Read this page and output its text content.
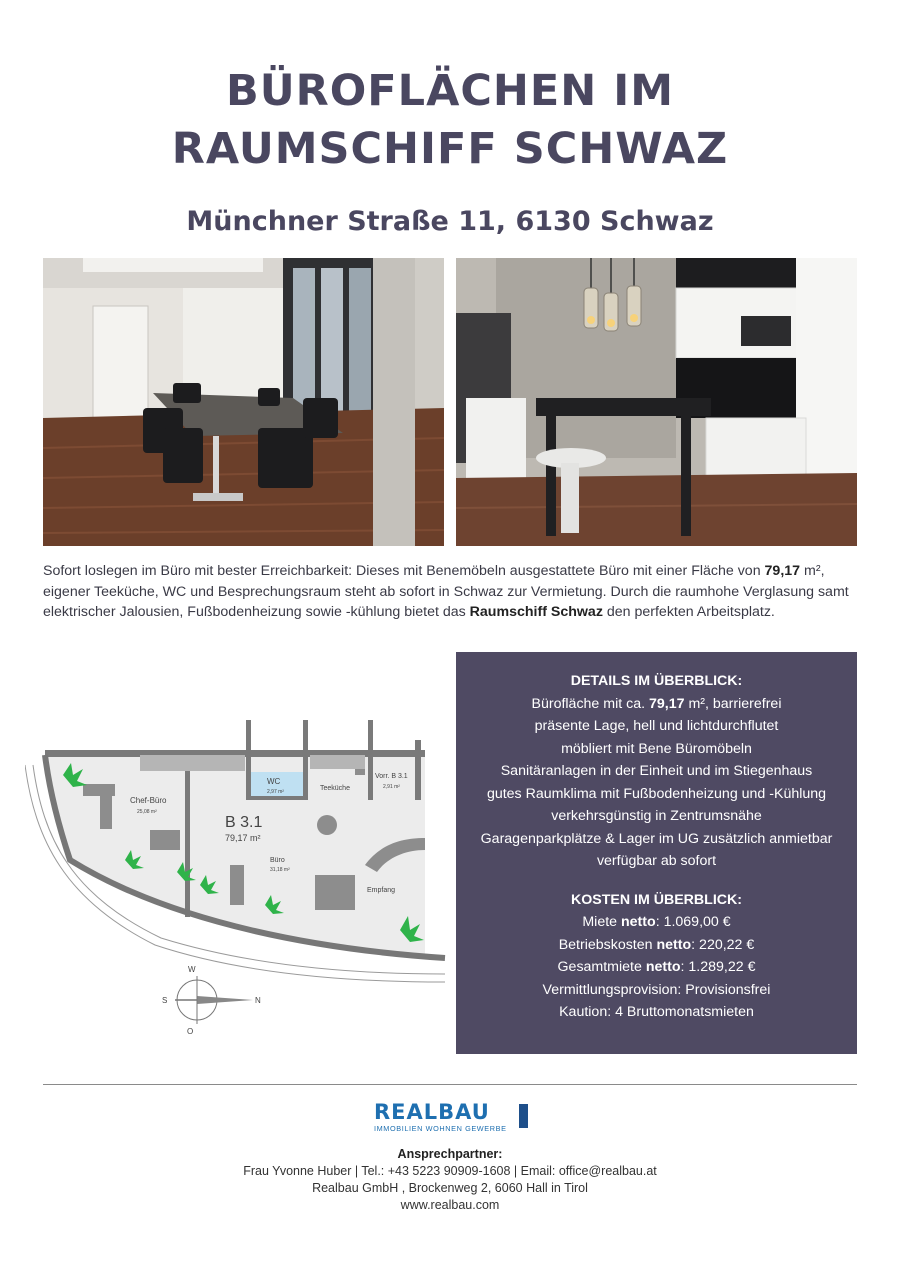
BÜROFLÄCHEN IM
RAUMSCHIFF SCHWAZ
Münchner Straße 11, 6130 Schwaz
Sofort loslegen im Büro mit bester Erreichbarkeit: Dieses mit Benemöbeln ausgestattete Büro mit einer Fläche von 79,17 m², eigener Teeküche, WC und Besprechungsraum steht ab sofort in Schwaz zur Vermietung. Durch die raumhohe Verglasung samt elektrischer Jalousien, Fußbodenheizung sowie -kühlung bietet das Raumschiff Schwaz den perfekten Arbeitsplatz.
Chef-Büro
25,08 m²
B 3.1
79,17 m²
WC
2,97 m²	Teeküche
Vorr. B 3.1
2,91 m²
Büro
31,18 m²
Empfang
W
S	N
O
DETAILS IM ÜBERBLICK:
Bürofläche mit ca. 79,17 m², barrierefrei
präsente Lage, hell und lichtdurchflutet
möbliert mit Bene Büromöbeln
Sanitäranlagen in der Einheit und im Stiegenhaus
gutes Raumklima mit Fußbodenheizung und -Kühlung
verkehrsgünstig in Zentrumsnähe
Garagenparkplätze & Lager im UG zusätzlich anmietbar
verfügbar ab sofort
KOSTEN IM ÜBERBLICK:
Miete netto: 1.069,00 €
Betriebskosten netto: 220,22 €
Gesamtmiete netto: 1.289,22 €
Vermittlungsprovision: Provisionsfrei
Kaution: 4 Bruttomonatsmieten
REALBAU
IMMOBILIEN WOHNEN GEWERBE
Ansprechpartner:
Frau Yvonne Huber | Tel.: +43 5223 90909-1608 | Email: office@realbau.at
Realbau GmbH , Brockenweg 2, 6060 Hall in Tirol
www.realbau.com
